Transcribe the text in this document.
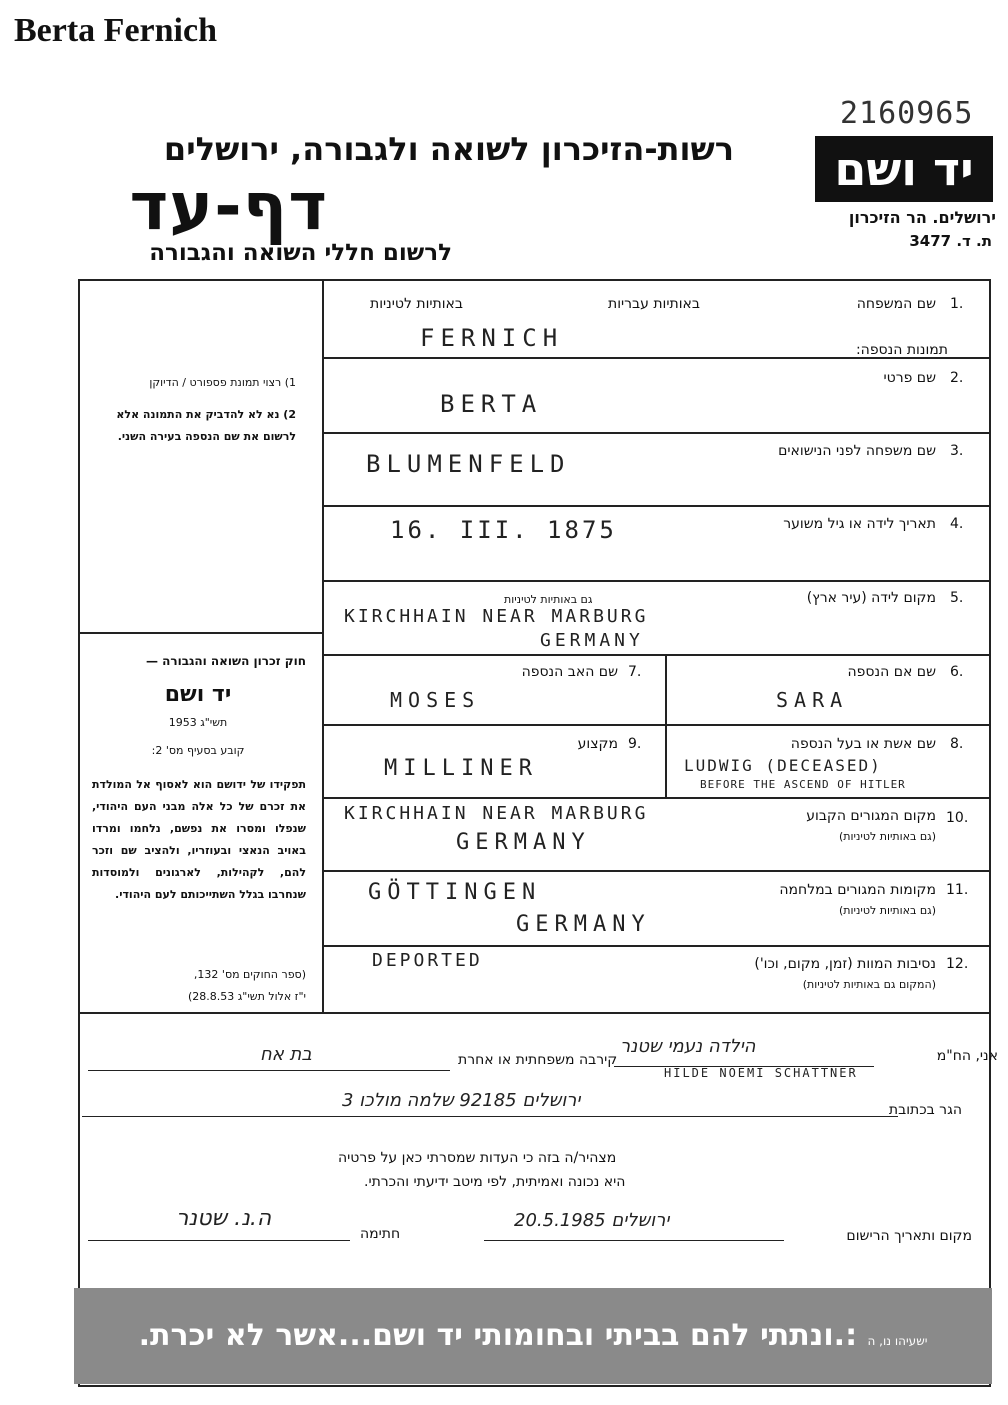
Berta Fernich
2160965
רשות-הזיכרון לשואה ולגבורה, ירושלים
דף-עד
לרשום חללי השואה והגבורה
יד ושם
ירושלים. הר הזיכרון
ת. ד. 3477
באותיות עבריות
באותיות לטיניות
תמונות הנספה:
1) רצוי תמונת פספורט / הדיוקן
2) נא לא להדביק את התמונה אלא לרשום את שם הנספה בעירה השני.
חוק זכרון השואה והגבורה —
יד ושם
תשי"ג 1953
קובע בסעיף מס' 2:
תפקידו של ידושם הוא לאסוף אל המולדת את זכרם של כל אלה מבני העם היהודי, שנפלו ומסרו את נפשם, נלחמו ומרדו באויב הנאצי ובעוזריו, ולהציב שם וזכר להם, לקהילות, לארגונים ולמוסדות שנחרבו בגלל השתייכותם לעם היהודי.
(ספר החוקים מס' 132,
י"ז אלול תשי"ג 28.8.53)
1.
שם המשפחה
FERNICH
2.
שם פרטי
BERTA
3.
שם משפחה לפני הנישואים
BLUMENFELD
4.
תאריך לידה או גיל משוער
16. III. 1875
5.
מקום לידה (עיר ארץ)
גם באותיות לטיניות
KIRCHHAIN NEAR MARBURG
GERMANY
6.
שם אם הנספה
SARA
7.
שם האב הנספה
MOSES
8.
שם אשת או בעל הנספה
LUDWIG (DECEASED)
BEFORE THE ASCEND OF HITLER
9.
מקצוע
MILLINER
10.
מקום המגורים הקבוע
(גם באותיות לטיניות)
KIRCHHAIN NEAR MARBURG
GERMANY
11.
מקומות המגורים במלחמה
(גם באותיות לטיניות)
GÖTTINGEN
GERMANY
12.
נסיבות המוות (זמן, מקום, וכו')
(המקום גם באותיות לטיניות)
DEPORTED
אני, הח"מ
הילדה נעמי שטנר
HILDE NOEMI SCHATTNER
קירבה משפחתית או אחרת
בת אח
הגר בכתובת
ירושלים 92185 שלמה מולכו 3
מצהיר/ה בזה כי העדות שמסרתי כאן על פרטיה
היא נכונה ואמיתית, לפי מיטב ידיעתי והכרתי.
חתימה
ה.נ. שטנר
מקום ותאריך הרישום
ירושלים 20.5.1985
ישעיהו נו, ה :.ונתתי להם בביתי ובחומותי יד ושם...אשר לא יכרת.
